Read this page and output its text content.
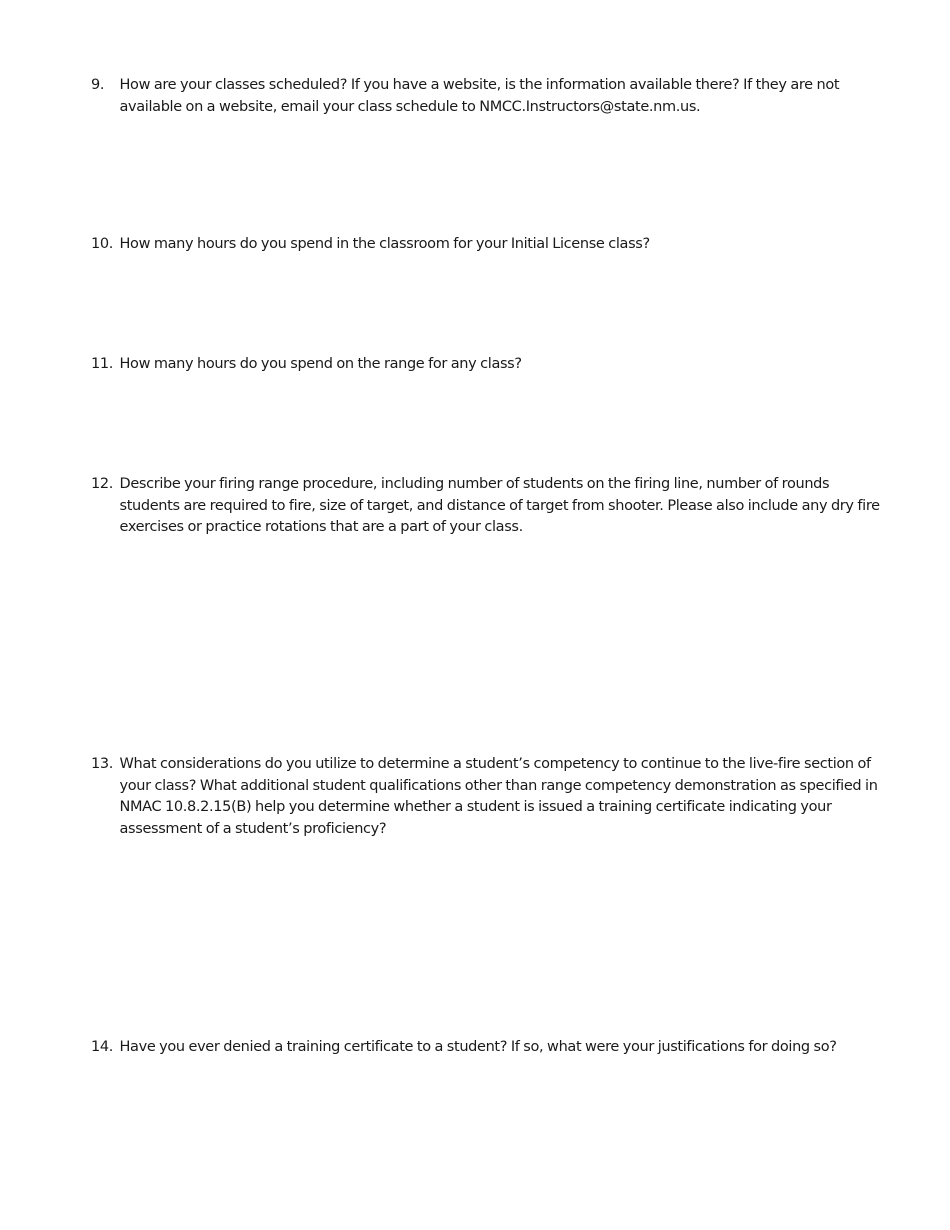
9.	How are your classes scheduled? If you have a website, is the information available there? If they are not available on a website, email your class schedule to NMCC.Instructors@state.nm.us.
10. How many hours do you spend in the classroom for your Initial License class?
11. How many hours do you spend on the range for any class?
12. Describe your firing range procedure, including number of students on the firing line, number of rounds students are required to fire, size of target, and distance of target from shooter. Please also include any dry fire exercises or practice rotations that are a part of your class.
13. What considerations do you utilize to determine a student’s competency to continue to the live-fire section of your class? What additional student qualifications other than range competency demonstration as specified in NMAC 10.8.2.15(B) help you determine whether a student is issued a training certificate indicating your assessment of a student’s proficiency?
14. Have you ever denied a training certificate to a student? If so, what were your justifications for doing so?
